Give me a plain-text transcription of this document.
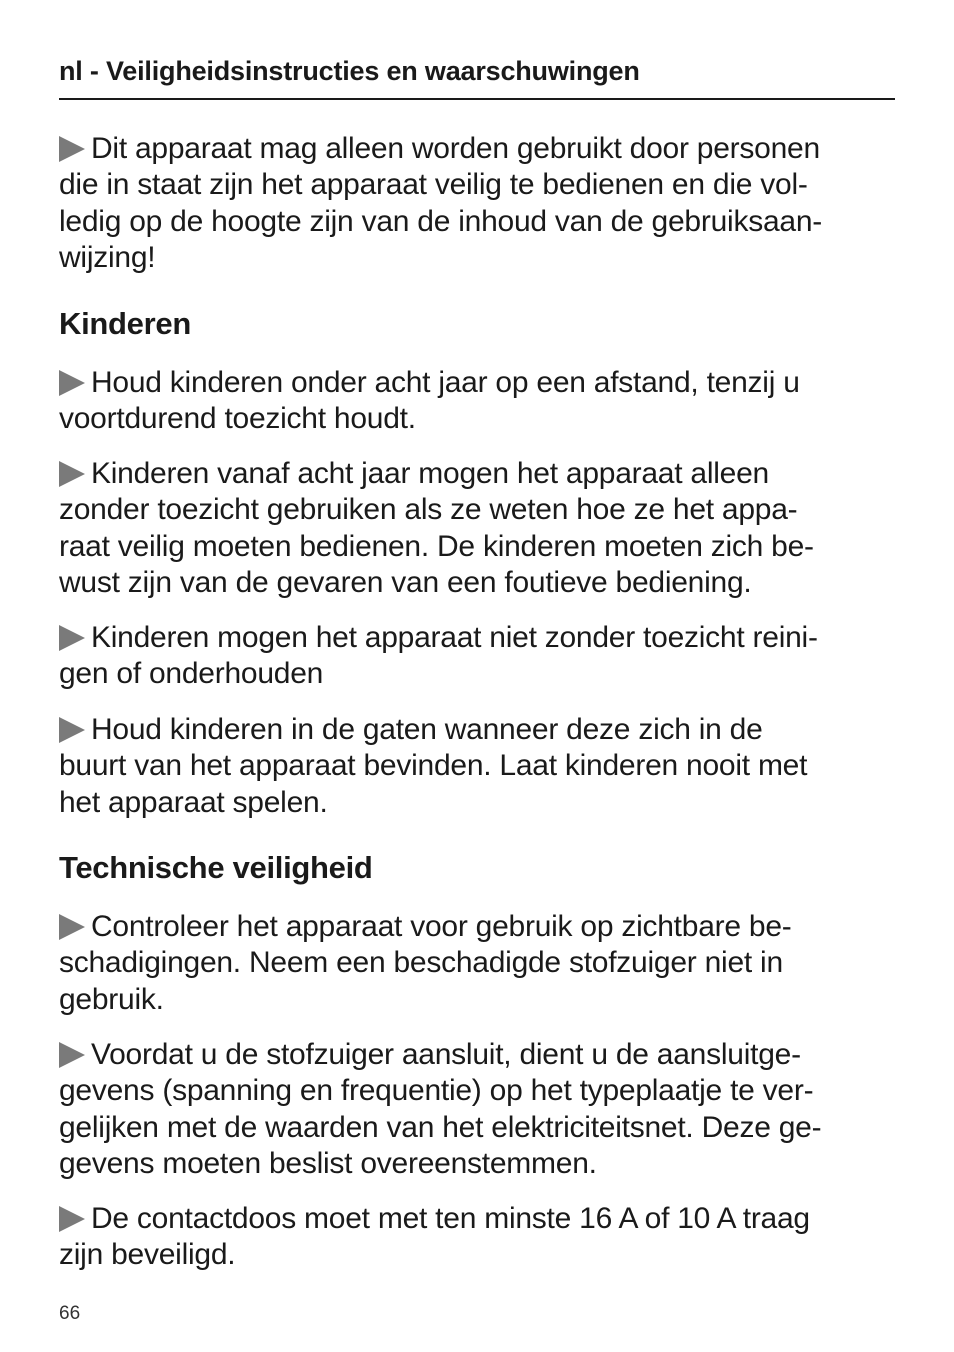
nl - Veiligheidsinstructies en waarschuwingen
Dit apparaat mag alleen worden gebruikt door personen
die in staat zijn het apparaat veilig te bedienen en die vol-
ledig op de hoogte zijn van de inhoud van de gebruiksaan-
wijzing!
Kinderen
Houd kinderen onder acht jaar op een afstand, tenzij u
voortdurend toezicht houdt.
Kinderen vanaf acht jaar mogen het apparaat alleen
zonder toezicht gebruiken als ze weten hoe ze het appa-
raat veilig moeten bedienen. De kinderen moeten zich be-
wust zijn van de gevaren van een foutieve bediening.
Kinderen mogen het apparaat niet zonder toezicht reini-
gen of onderhouden
Houd kinderen in de gaten wanneer deze zich in de
buurt van het apparaat bevinden. Laat kinderen nooit met
het apparaat spelen.
Technische veiligheid
Controleer het apparaat voor gebruik op zichtbare be-
schadigingen. Neem een beschadigde stofzuiger niet in
gebruik.
Voordat u de stofzuiger aansluit, dient u de aansluitge-
gevens (spanning en frequentie) op het typeplaatje te ver-
gelijken met de waarden van het elektriciteitsnet. Deze ge-
gevens moeten beslist overeenstemmen.
De contactdoos moet met ten minste 16 A of 10 A traag
zijn beveiligd.
66
